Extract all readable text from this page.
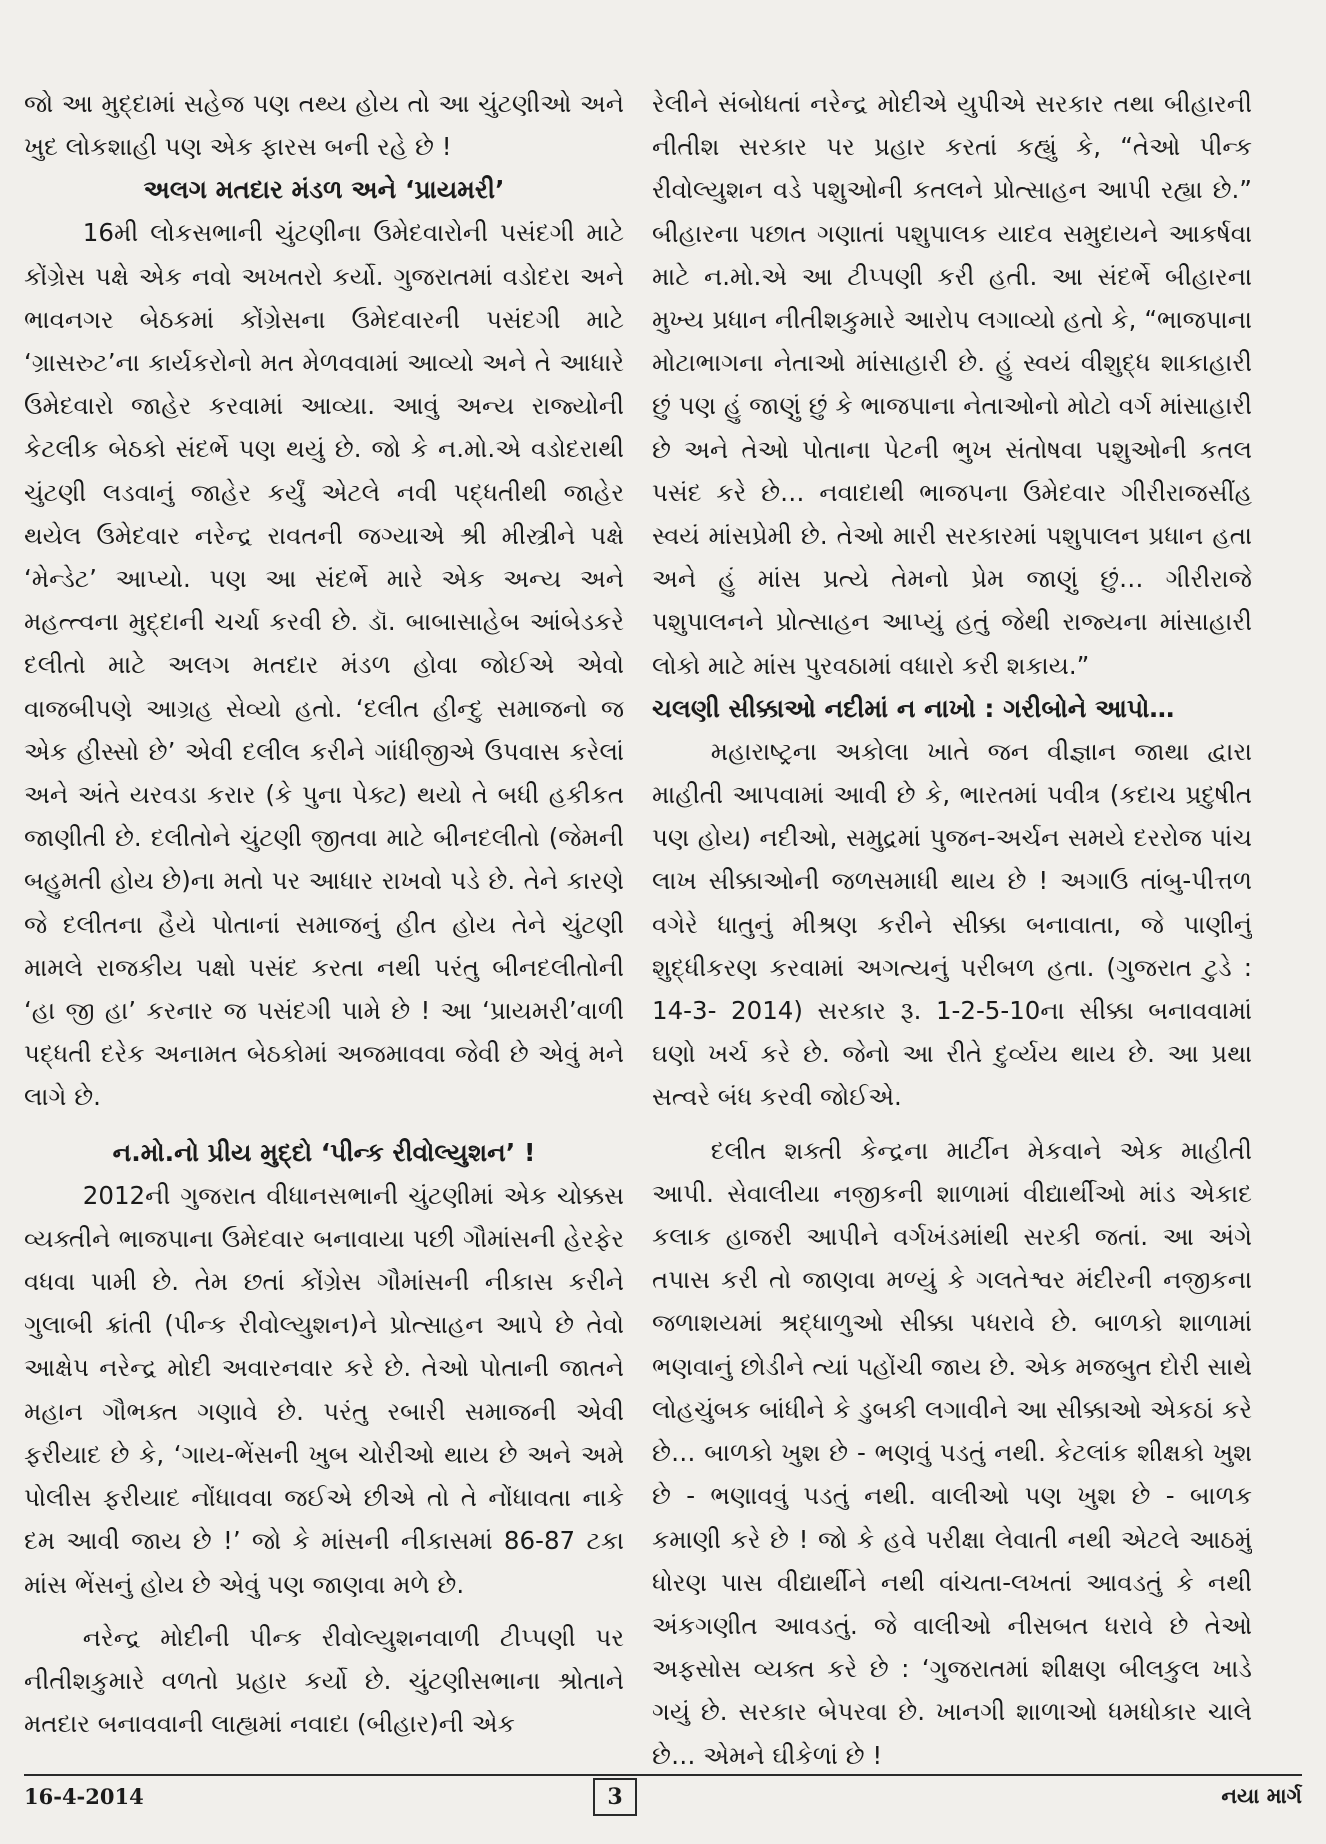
જો આ મુદ્દામાં સહેજ પણ તથ્ય હોય તો આ ચુંટણીઓ અને ખુદ લોકશાહી પણ એક ફારસ બની રહે છે !

અલગ મતદાર મંડળ અને ‘પ્રાયમરી’

16મી લોકસભાની ચુંટણીના ઉમેદવારોની પસંદગી માટે કોંગ્રેસ પક્ષે એક નવો અખતરો કર્યો. ગુજરાતમાં વડોદરા અને ભાવનગર બેઠકમાં કોંગ્રેસના ઉમેદવારની પસંદગી માટે ‘ગ્રાસરુટ’ના કાર્યકરોનો મત મેળવવામાં આવ્યો અને તે આધારે ઉમેદવારો જાહેર કરવામાં આવ્યા. આવું અન્ય રાજ્યોની કેટલીક બેઠકો સંદર્ભે પણ થયું છે. જો કે ન.મો.એ વડોદરાથી ચુંટણી લડવાનું જાહેર કર્યું એટલે નવી પદ્ધતીથી જાહેર થયેલ ઉમેદવાર નરેન્દ્ર રાવતની જગ્યાએ શ્રી મીસ્ત્રીને પક્ષે ‘મેન્ડેટ’ આપ્યો. પણ આ સંદર્ભે મારે એક અન્ય અને મહત્ત્વના મુદ્દાની ચર્ચા કરવી છે. ડૉ. બાબાસાહેબ આંબેડકરે દલીતો માટે અલગ મતદાર મંડળ હોવા જોઈએ એવો વાજબીપણે આગ્રહ સેવ્યો હતો. ‘દલીત હીન્દુ સમાજનો જ એક હીસ્સો છે’ એવી દલીલ કરીને ગાંધીજીએ ઉપવાસ કરેલાં અને અંતે યરવડા કરાર (કે પુના પેક્ટ) થયો તે બધી હકીકત જાણીતી છે. દલીતોને ચુંટણી જીતવા માટે બીનદલીતો (જેમની બહુમતી હોય છે)ના મતો પર આધાર રાખવો પડે છે. તેને કારણે જે દલીતના હૈયે પોતાનાં સમાજનું હીત હોય તેને ચુંટણી મામલે રાજકીય પક્ષો પસંદ કરતા નથી પરંતુ બીનદલીતોની ‘હા જી હા’ કરનાર જ પસંદગી પામે છે ! આ ‘પ્રાયમરી’વાળી પદ્ધતી દરેક અનામત બેઠકોમાં અજમાવવા જેવી છે એવું મને લાગે છે.

ન.મો.નો પ્રીય મુદ્દો ‘પીન્ક રીવોલ્યુશન’ !

2012ની ગુજરાત વીધાનસભાની ચુંટણીમાં એક ચોક્કસ વ્યક્તીને ભાજપાના ઉમેદવાર બનાવાયા પછી ગૌમાંસની હેરફેર વધવા પામી છે. તેમ છતાં કોંગ્રેસ ગૌમાંસની નીકાસ કરીને ગુલાબી ક્રાંતી (પીન્ક રીવોલ્યુશન)ને પ્રોત્સાહન આપે છે તેવો આક્ષેપ નરેન્દ્ર મોદી અવારનવાર કરે છે. તેઓ પોતાની જાતને મહાન ગૌભક્ત ગણાવે છે. પરંતુ રબારી સમાજની એવી ફરીયાદ છે કે, ‘ગાય-ભેંસની ખુબ ચોરીઓ થાય છે અને અમે પોલીસ ફરીયાદ નોંધાવવા જઈએ છીએ તો તે નોંધાવતા નાકે દમ આવી જાય છે !’ જો કે માંસની નીકાસમાં 86-87 ટકા માંસ ભેંસનું હોય છે એવું પણ જાણવા મળે છે.

નરેન્દ્ર મોદીની પીન્ક રીવોલ્યુશનવાળી ટીપ્પણી પર નીતીશકુમારે વળતો પ્રહાર કર્યો છે. ચુંટણીસભાના શ્રોતાને મતદાર બનાવવાની લાહ્યમાં નવાદા (બીહાર)ની એક

રેલીને સંબોધતાં નરેન્દ્ર મોદીએ યુપીએ સરકાર તથા બીહારની નીતીશ સરકાર પર પ્રહાર કરતાં કહ્યું કે, “તેઓ પીન્ક રીવોલ્યુશન વડે પશુઓની કતલને પ્રોત્સાહન આપી રહ્યા છે.” બીહારના પછાત ગણાતાં પશુપાલક યાદવ સમુદાયને આકર્ષવા માટે ન.મો.એ આ ટીપ્પણી કરી હતી. આ સંદર્ભે બીહારના મુખ્ય પ્રધાન નીતીશકુમારે આરોપ લગાવ્યો હતો કે, “ભાજપાના મોટાભાગના નેતાઓ માંસાહારી છે. હું સ્વયં વીશુદ્ધ શાકાહારી છું પણ હું જાણું છું કે ભાજપાના નેતાઓનો મોટો વર્ગ માંસાહારી છે અને તેઓ પોતાના પેટની ભુખ સંતોષવા પશુઓની કતલ પસંદ કરે છે… નવાદાથી ભાજપના ઉમેદવાર ગીરીરાજસીંહ સ્વયં માંસપ્રેમી છે. તેઓ મારી સરકારમાં પશુપાલન પ્રધાન હતા અને હું માંસ પ્રત્યે તેમનો પ્રેમ જાણું છું… ગીરીરાજે પશુપાલનને પ્રોત્સાહન આપ્યું હતું જેથી રાજ્યના માંસાહારી લોકો માટે માંસ પુરવઠામાં વધારો કરી શકાય.”

ચલણી સીક્કાઓ નદીમાં ન નાખો : ગરીબોને આપો…

મહારાષ્ટ્રના અકોલા ખાતે જન વીજ્ઞાન જાથા દ્વારા માહીતી આપવામાં આવી છે કે, ભારતમાં પવીત્ર (કદાચ પ્રદુષીત પણ હોય) નદીઓ, સમુદ્રમાં પુજન-અર્ચન સમયે દરરોજ પાંચ લાખ સીક્કાઓની જળસમાધી થાય છે ! અગાઉ તાંબુ-પીત્તળ વગેરે ધાતુનું મીશ્રણ કરીને સીક્કા બનાવાતા, જે પાણીનું શુદ્ધીકરણ કરવામાં અગત્યનું પરીબળ હતા. (ગુજરાત ટુડે : 14-3- 2014) સરકાર રૂ. 1-2-5-10ના સીક્કા બનાવવામાં ઘણો ખર્ચ કરે છે. જેનો આ રીતે દુર્વ્યય થાય છે. આ પ્રથા સત્વરે બંધ કરવી જોઈએ.

દલીત શક્તી કેન્દ્રના માર્ટીન મેકવાને એક માહીતી આપી. સેવાલીયા નજીકની શાળામાં વીદ્યાર્થીઓ માંડ એકાદ કલાક હાજરી આપીને વર્ગખંડમાંથી સરકી જતાં. આ અંગે તપાસ કરી તો જાણવા મળ્યું કે ગલતેશ્વર મંદીરની નજીકના જળાશયમાં શ્રદ્ધાળુઓ સીક્કા પધરાવે છે. બાળકો શાળામાં ભણવાનું છોડીને ત્યાં પહોંચી જાય છે. એક મજબુત દોરી સાથે લોહચુંબક બાંધીને કે ડુબકી લગાવીને આ સીક્કાઓ એકઠાં કરે છે… બાળકો ખુશ છે - ભણવું પડતું નથી. કેટલાંક શીક્ષકો ખુશ છે - ભણાવવું પડતું નથી. વાલીઓ પણ ખુશ છે - બાળક કમાણી કરે છે ! જો કે હવે પરીક્ષા લેવાતી નથી એટલે આઠમું ધોરણ પાસ વીદ્યાર્થીને નથી વાંચતા-લખતાં આવડતું કે નથી અંકગણીત આવડતું. જે વાલીઓ નીસબત ધરાવે છે તેઓ અફસોસ વ્યક્ત કરે છે : ‘ગુજરાતમાં શીક્ષણ બીલકુલ ખાડે ગયું છે. સરકાર બેપરવા છે. ખાનગી શાળાઓ ધમધોકાર ચાલે છે… એમને ઘીકેળાં છે !

16-4-2014	3	નયા માર્ગ
